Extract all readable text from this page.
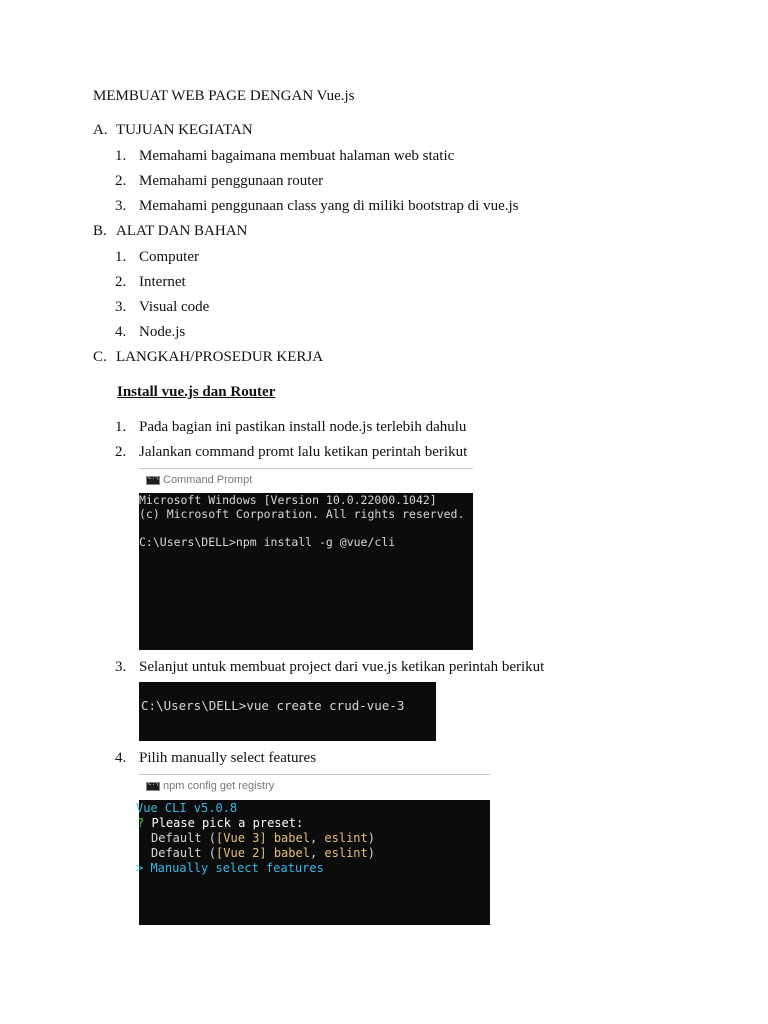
MEMBUAT WEB PAGE DENGAN Vue.js
A. TUJUAN KEGIATAN
1. Memahami bagaimana membuat halaman web static
2. Memahami penggunaan router
3. Memahami penggunaan class yang di miliki bootstrap di vue.js
B. ALAT DAN BAHAN
1. Computer
2. Internet
3. Visual code
4. Node.js
C. LANGKAH/PROSEDUR KERJA
Install vue.js dan Router
1. Pada bagian ini pastikan install node.js terlebih dahulu
2. Jalankan command promt lalu ketikan perintah berikut
C:\
Command Prompt
Microsoft Windows [Version 10.0.22000.1042]
(c) Microsoft Corporation. All rights reserved.
C:\Users\DELL>npm install -g @vue/cli
3. Selanjut untuk membuat project dari vue.js ketikan perintah berikut
C:\Users\DELL>vue create crud-vue-3
4. Pilih manually select features
C:\
npm config get registry
Vue CLI v5.0.8
? Please pick a preset:
Default ([Vue 3] babel, eslint)
Default ([Vue 2] babel, eslint)
> Manually select features
